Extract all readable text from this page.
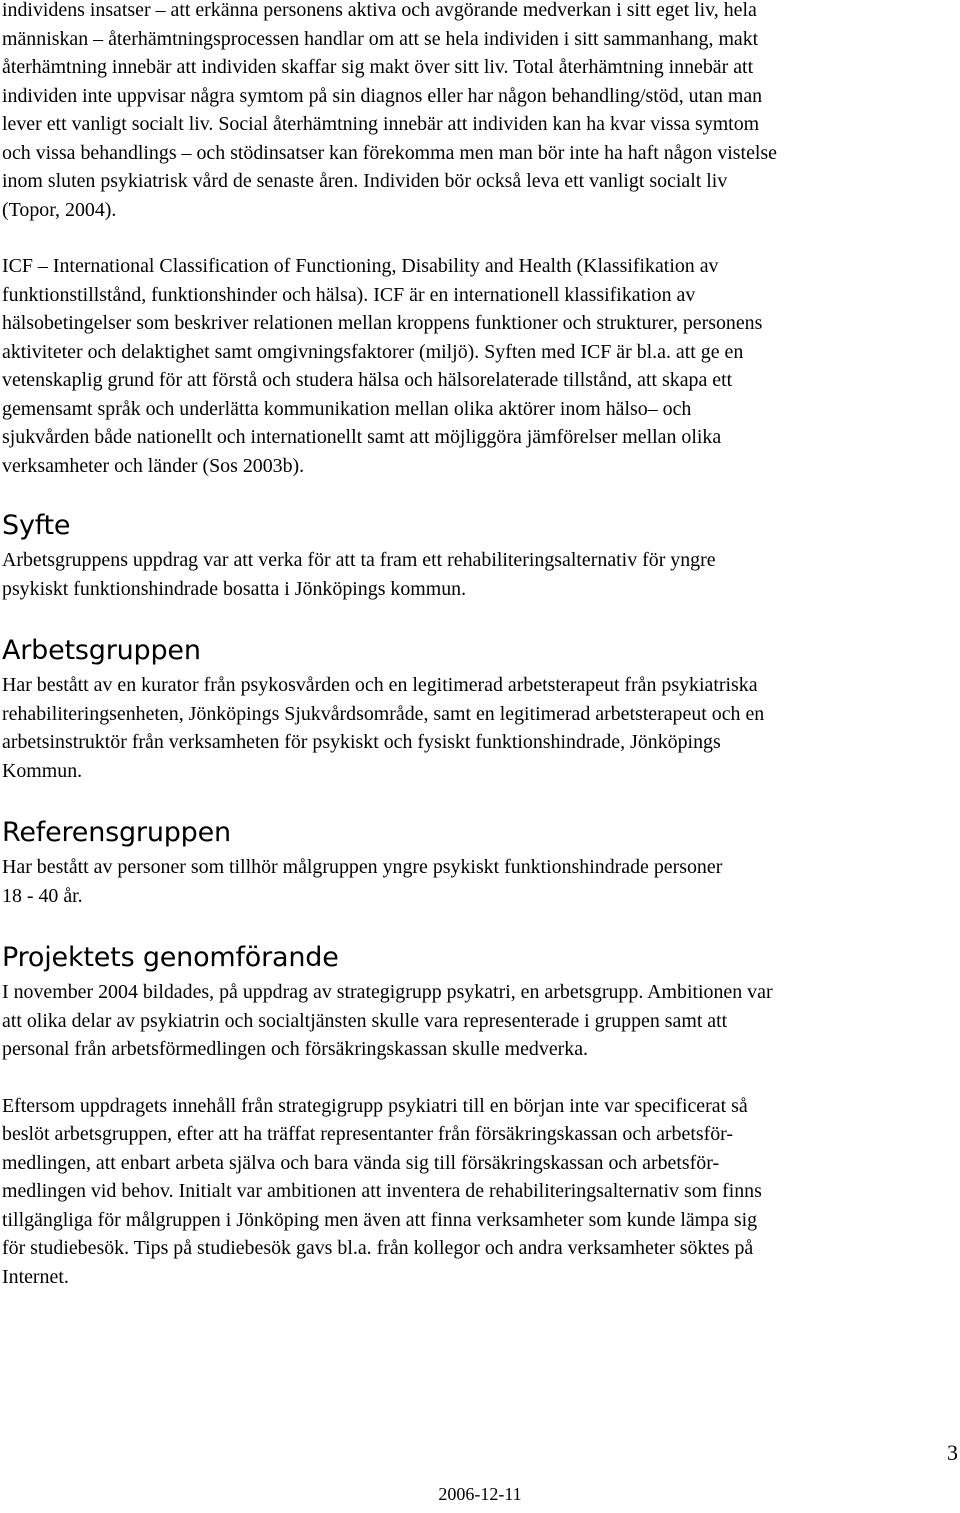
individens insatser – att erkänna personens aktiva och avgörande medverkan i sitt eget liv, hela
människan – återhämtningsprocessen handlar om att se hela individen i sitt sammanhang, makt
återhämtning innebär att individen skaffar sig makt över sitt liv. Total återhämtning innebär att
individen inte uppvisar några symtom på sin diagnos eller har någon behandling/stöd, utan man
lever ett vanligt socialt liv. Social återhämtning innebär att individen kan ha kvar vissa symtom
och vissa behandlings – och stödinsatser kan förekomma men man bör inte ha haft någon vistelse
inom sluten psykiatrisk vård de senaste åren. Individen bör också leva ett vanligt socialt liv
(Topor, 2004).

ICF – International Classification of Functioning, Disability and Health (Klassifikation av
funktionstillstånd, funktionshinder och hälsa). ICF är en internationell klassifikation av
hälsobetingelser som beskriver relationen mellan kroppens funktioner och strukturer, personens
aktiviteter och delaktighet samt omgivningsfaktorer (miljö). Syften med ICF är bl.a. att ge en
vetenskaplig grund för att förstå och studera hälsa och hälsorelaterade tillstånd, att skapa ett
gemensamt språk och underlätta kommunikation mellan olika aktörer inom hälso– och
sjukvården både nationellt och internationellt samt att möjliggöra jämförelser mellan olika
verksamheter och länder (Sos 2003b).

Syfte

Arbetsgruppens uppdrag var att verka för att ta fram ett rehabiliteringsalternativ för yngre
psykiskt funktionshindrade bosatta i Jönköpings kommun.

Arbetsgruppen

Har bestått av en kurator från psykosvården och en legitimerad arbetsterapeut från psykiatriska
rehabiliteringsenheten, Jönköpings Sjukvårdsområde, samt en legitimerad arbetsterapeut och en
arbetsinstruktör från verksamheten för psykiskt och fysiskt funktionshindrade, Jönköpings
Kommun.

Referensgruppen

Har bestått av personer som tillhör målgruppen yngre psykiskt funktionshindrade personer
18 - 40 år.

Projektets genomförande

I november 2004 bildades, på uppdrag av strategigrupp psykatri, en arbetsgrupp. Ambitionen var
att olika delar av psykiatrin och socialtjänsten skulle vara representerade i gruppen samt att
personal från arbetsförmedlingen och försäkringskassan skulle medverka.

Eftersom uppdragets innehåll från strategigrupp psykiatri till en början inte var specificerat så
beslöt arbetsgruppen, efter att ha träffat representanter från försäkringskassan och arbetsför-
medlingen, att enbart arbeta själva och bara vända sig till försäkringskassan och arbetsför-
medlingen vid behov. Initialt var ambitionen att inventera de rehabiliteringsalternativ som finns
tillgängliga för målgruppen i Jönköping men även att finna verksamheter som kunde lämpa sig
för studiebesök. Tips på studiebesök gavs bl.a. från kollegor och andra verksamheter söktes på
Internet.

3
2006-12-11
